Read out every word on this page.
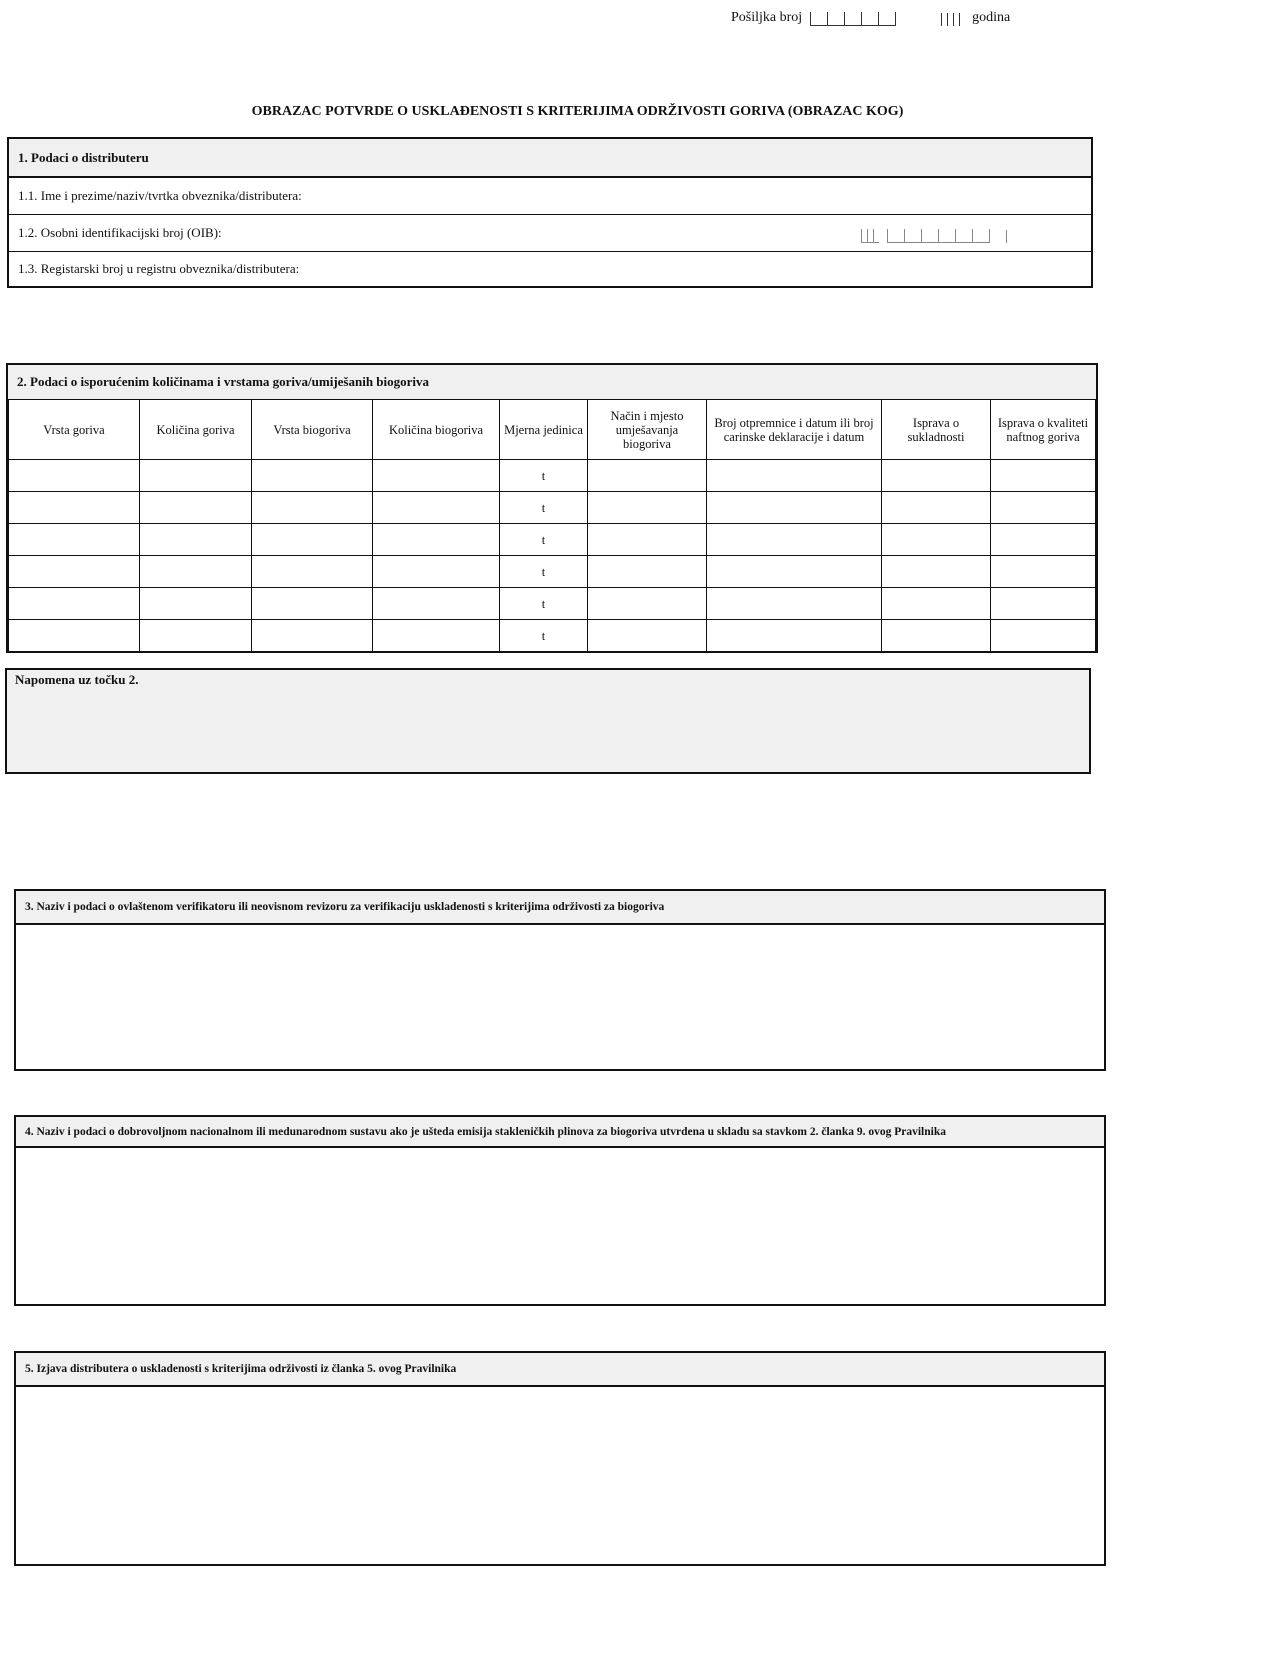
Pošiljka broj	godina
OBRAZAC POTVRDE O USKLAĐENOSTI S KRITERIJIMA ODRŽIVOSTI GORIVA (OBRAZAC KOG)
1. Podaci o distributeru
1.1. Ime i prezime/naziv/tvrtka obveznika/distributera:
1.2. Osobni identifikacijski broj (OIB):
1.3. Registarski broj u registru obveznika/distributera:
2. Podaci o isporućenim količinama i vrstama goriva/umiješanih biogoriva
Vrsta goriva	Količina goriva	Vrsta biogoriva	Količina biogoriva	Mjerna jedinica	Način i mjesto umješavanja biogoriva	Broj otpremnice i datum ili broj carinske deklaracije i datum	Isprava o sukladnosti	Isprava o kvaliteti naftnog goriva
				t				
				t				
				t				
				t				
				t				
				t				
Napomena uz točku 2.
3. Naziv i podaci o ovlaštenom verifikatoru ili neovisnom revizoru za verifikaciju uskladenosti s kriterijima održivosti za biogoriva
4. Naziv i podaci o dobrovoljnom nacionalnom ili medunarodnom sustavu ako je ušteda emisija stakleničkih plinova za biogoriva utvrdena u skladu sa stavkom 2. članka 9. ovog Pravilnika
5. Izjava distributera o uskladenosti s kriterijima održivosti iz članka 5. ovog Pravilnika
